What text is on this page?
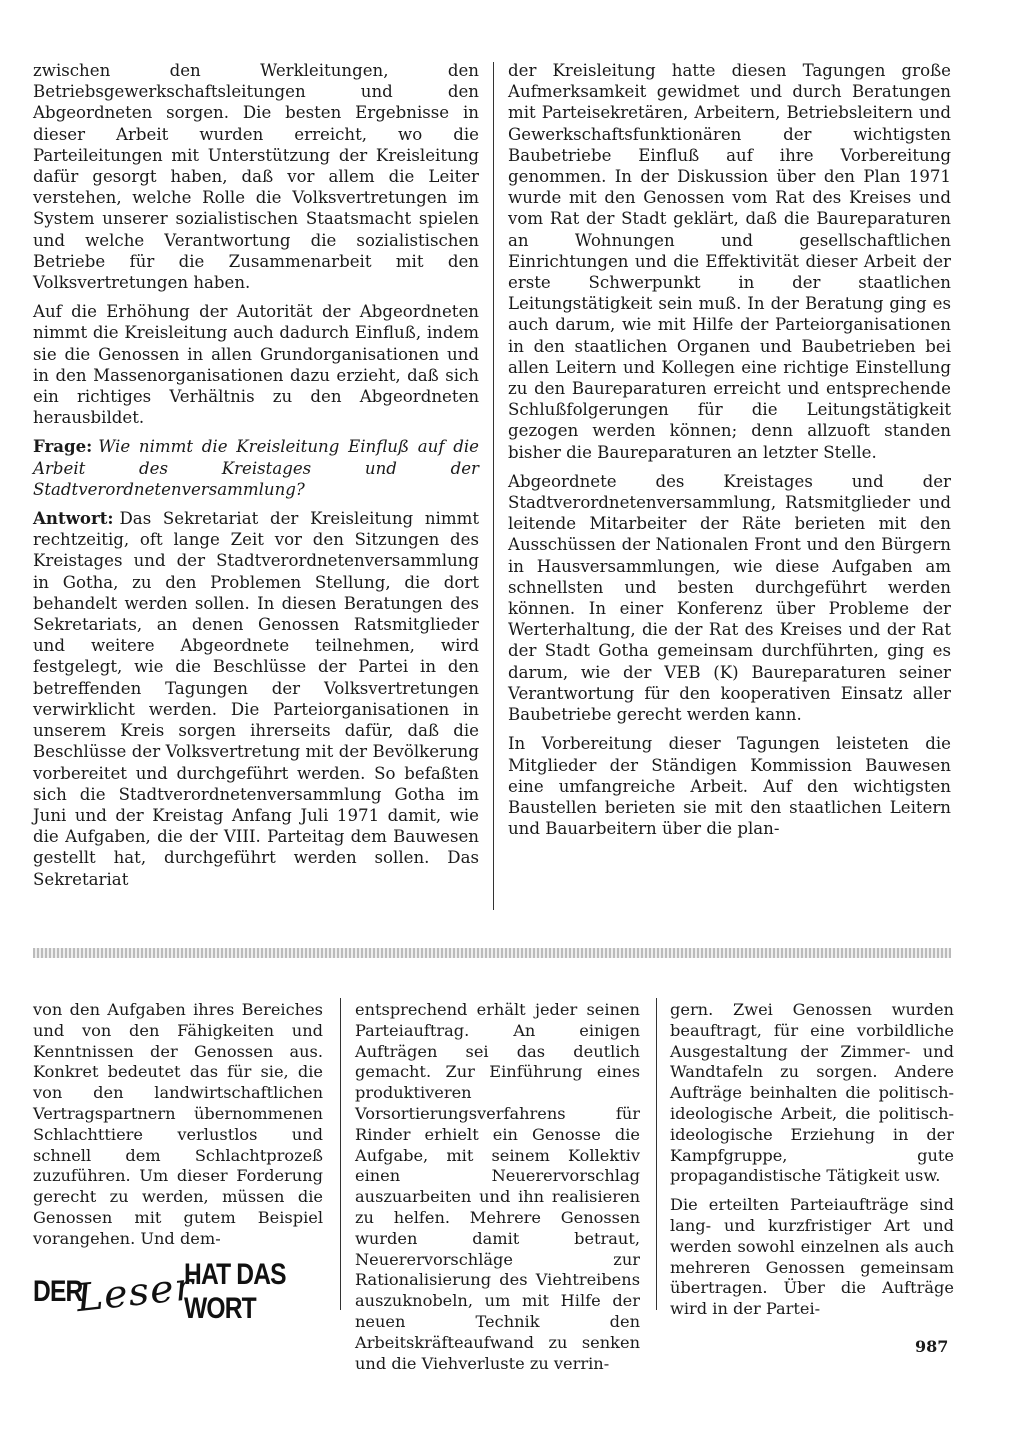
zwischen den Werkleitungen, den Betriebsgewerkschaftsleitungen und den Abgeordneten sorgen. Die besten Ergebnisse in dieser Arbeit wurden erreicht, wo die Parteileitungen mit Unterstützung der Kreisleitung dafür gesorgt haben, daß vor allem die Leiter verstehen, welche Rolle die Volksvertretungen im System unserer sozialistischen Staatsmacht spielen und welche Verantwortung die sozialistischen Betriebe für die Zusammenarbeit mit den Volksvertretungen haben.

Auf die Erhöhung der Autorität der Abgeordneten nimmt die Kreisleitung auch dadurch Einfluß, indem sie die Genossen in allen Grundorganisationen und in den Massenorganisationen dazu erzieht, daß sich ein richtiges Verhältnis zu den Abgeordneten herausbildet.

Frage: Wie nimmt die Kreisleitung Einfluß auf die Arbeit des Kreistages und der Stadtverordnetenversammlung?

Antwort: Das Sekretariat der Kreisleitung nimmt rechtzeitig, oft lange Zeit vor den Sitzungen des Kreistages und der Stadtverordnetenversammlung in Gotha, zu den Problemen Stellung, die dort behandelt werden sollen. In diesen Beratungen des Sekretariats, an denen Genossen Ratsmitglieder und weitere Abgeordnete teilnehmen, wird festgelegt, wie die Beschlüsse der Partei in den betreffenden Tagungen der Volksvertretungen verwirklicht werden. Die Parteiorganisationen in unserem Kreis sorgen ihrerseits dafür, daß die Beschlüsse der Volksvertretung mit der Bevölkerung vorbereitet und durchgeführt werden. So befaßten sich die Stadtverordnetenversammlung Gotha im Juni und der Kreistag Anfang Juli 1971 damit, wie die Aufgaben, die der VIII. Parteitag dem Bauwesen gestellt hat, durchgeführt werden sollen. Das Sekretariat

der Kreisleitung hatte diesen Tagungen große Aufmerksamkeit gewidmet und durch Beratungen mit Parteisekretären, Arbeitern, Betriebsleitern und Gewerkschaftsfunktionären der wichtigsten Baubetriebe Einfluß auf ihre Vorbereitung genommen. In der Diskussion über den Plan 1971 wurde mit den Genossen vom Rat des Kreises und vom Rat der Stadt geklärt, daß die Baureparaturen an Wohnungen und gesellschaftlichen Einrichtungen und die Effektivität dieser Arbeit der erste Schwerpunkt in der staatlichen Leitungstätigkeit sein muß. In der Beratung ging es auch darum, wie mit Hilfe der Parteiorganisationen in den staatlichen Organen und Baubetrieben bei allen Leitern und Kollegen eine richtige Einstellung zu den Baureparaturen erreicht und entsprechende Schlußfolgerungen für die Leitungstätigkeit gezogen werden können; denn allzuoft standen bisher die Baureparaturen an letzter Stelle.

Abgeordnete des Kreistages und der Stadtverordnetenversammlung, Ratsmitglieder und leitende Mitarbeiter der Räte berieten mit den Ausschüssen der Nationalen Front und den Bürgern in Hausversammlungen, wie diese Aufgaben am schnellsten und besten durchgeführt werden können. In einer Konferenz über Probleme der Werterhaltung, die der Rat des Kreises und der Rat der Stadt Gotha gemeinsam durchführten, ging es darum, wie der VEB (K) Baureparaturen seiner Verantwortung für den kooperativen Einsatz aller Baubetriebe gerecht werden kann.

In Vorbereitung dieser Tagungen leisteten die Mitglieder der Ständigen Kommission Bauwesen eine umfangreiche Arbeit. Auf den wichtigsten Baustellen berieten sie mit den staatlichen Leitern und Bauarbeitern über die plan-

von den Aufgaben ihres Bereiches und von den Fähigkeiten und Kenntnissen der Genossen aus. Konkret bedeutet das für sie, die von den landwirtschaftlichen Vertragspartnern übernommenen Schlachttiere verlustlos und schnell dem Schlachtprozeß zuzuführen. Um dieser Forderung gerecht zu werden, müssen die Genossen mit gutem Beispiel vorangehen. Und dem-

entsprechend erhält jeder seinen Parteiauftrag. An einigen Aufträgen sei das deutlich gemacht. Zur Einführung eines produktiveren Vorsortierungsverfahrens für Rinder erhielt ein Genosse die Aufgabe, mit seinem Kollektiv einen Neuerervorschlag auszuarbeiten und ihn realisieren zu helfen. Mehrere Genossen wurden damit betraut, Neuerervorschläge zur Rationalisierung des Viehtreibens auszuknobeln, um mit Hilfe der neuen Technik den Arbeitskräfteaufwand zu senken und die Viehverluste zu verrin-

gern. Zwei Genossen wurden beauftragt, für eine vorbildliche Ausgestaltung der Zimmer- und Wandtafeln zu sorgen. Andere Aufträge beinhalten die politisch-ideologische Arbeit, die politisch-ideologische Erziehung in der Kampfgruppe, gute propagandistische Tätigkeit usw.

Die erteilten Parteiaufträge sind lang- und kurzfristiger Art und werden sowohl einzelnen als auch mehreren Genossen gemeinsam übertragen. Über die Aufträge wird in der Partei-

DER
Leser
HAT DAS WORT
987
